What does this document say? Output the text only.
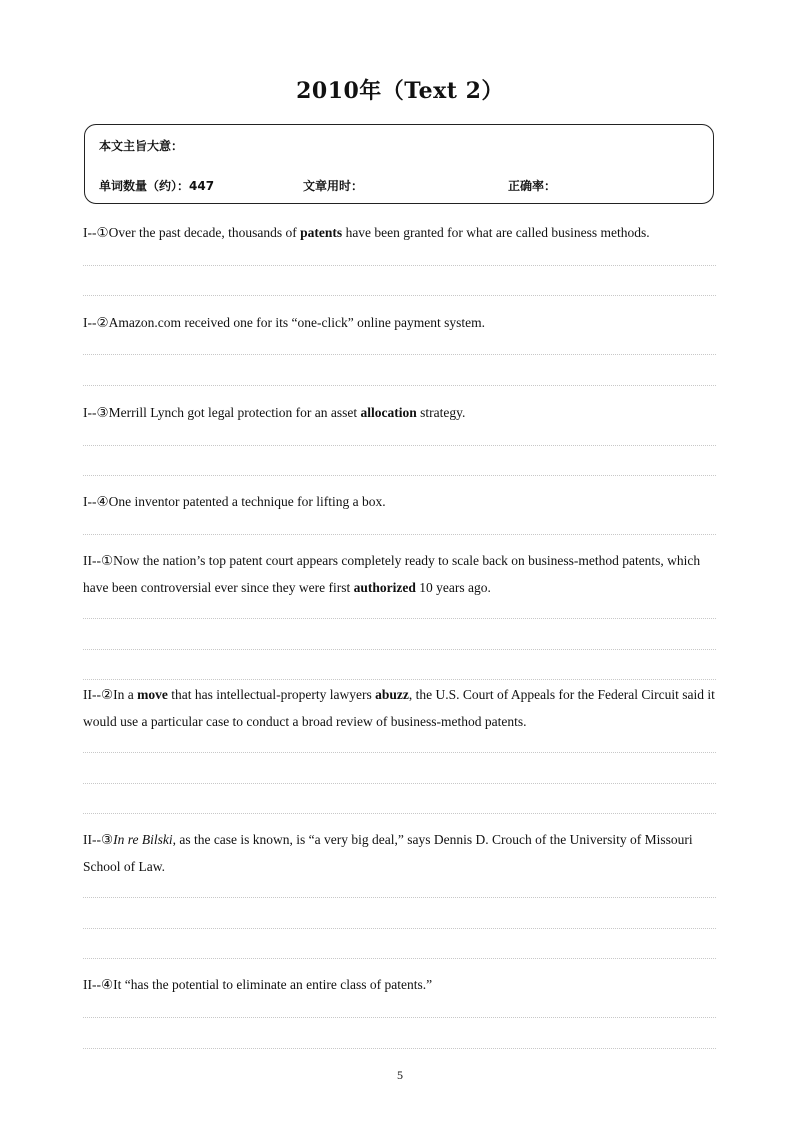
2010年（Text 2）
本文主旨大意：
单词数量（约）：447	文章用时：	正确率：
I--①Over the past decade, thousands of patents have been granted for what are called business methods.
I--②Amazon.com received one for its “one-click” online payment system.
I--③Merrill Lynch got legal protection for an asset allocation strategy.
I--④One inventor patented a technique for lifting a box.
II--①Now the nation’s top patent court appears completely ready to scale back on business-method patents, which have been controversial ever since they were first authorized 10 years ago.
II--②In a move that has intellectual-property lawyers abuzz, the U.S. Court of Appeals for the Federal Circuit said it would use a particular case to conduct a broad review of business-method patents.
II--③In re Bilski, as the case is known, is “a very big deal,” says Dennis D. Crouch of the University of Missouri School of Law.
II--④It “has the potential to eliminate an entire class of patents.”
5
